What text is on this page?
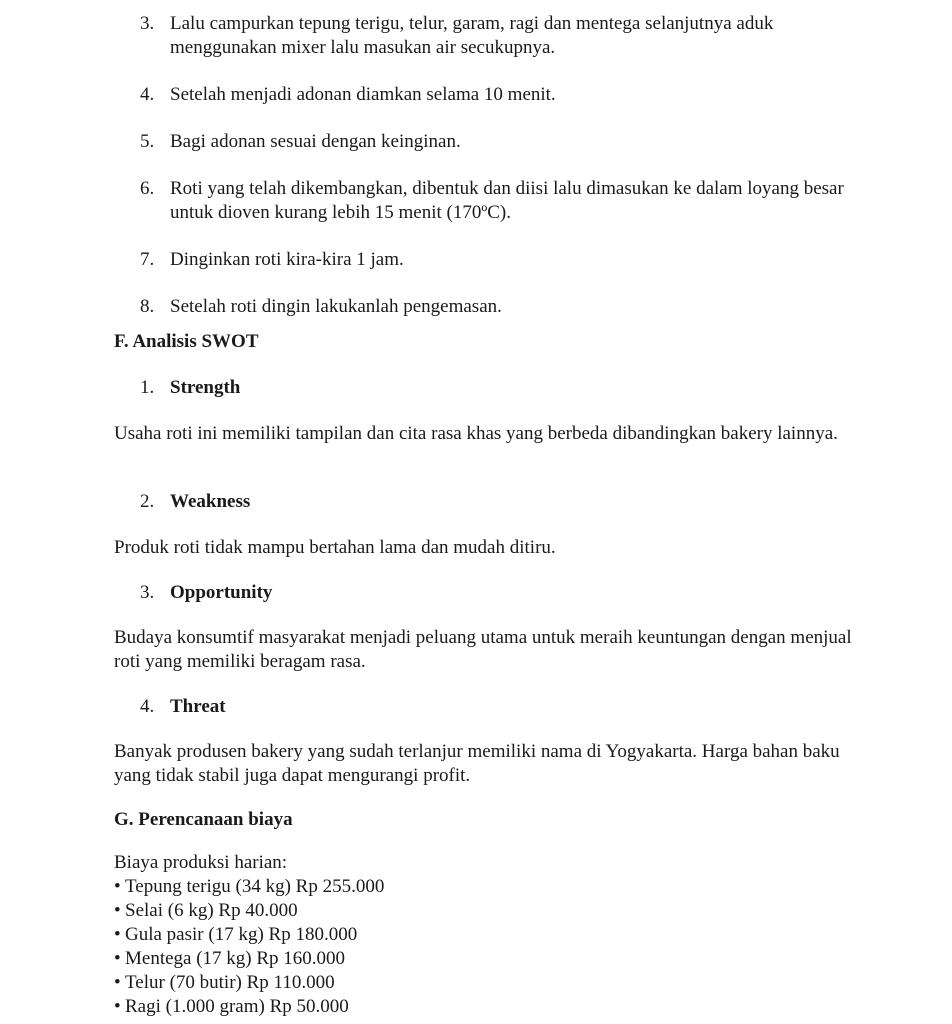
3. Lalu campurkan tepung terigu, telur, garam, ragi dan mentega selanjutnya aduk menggunakan mixer lalu masukan air secukupnya.
4. Setelah menjadi adonan diamkan selama 10 menit.
5. Bagi adonan sesuai dengan keinginan.
6. Roti yang telah dikembangkan, dibentuk dan diisi lalu dimasukan ke dalam loyang besar untuk dioven kurang lebih 15 menit (170ºC).
7. Dinginkan roti kira-kira 1 jam.
8. Setelah roti dingin lakukanlah pengemasan.
F. Analisis SWOT
1. Strength
Usaha roti ini memiliki tampilan dan cita rasa khas yang berbeda dibandingkan bakery lainnya.
2. Weakness
Produk roti tidak mampu bertahan lama dan mudah ditiru.
3. Opportunity
Budaya konsumtif masyarakat menjadi peluang utama untuk meraih keuntungan dengan menjual roti yang memiliki beragam rasa.
4. Threat
Banyak produsen bakery yang sudah terlanjur memiliki nama di Yogyakarta. Harga bahan baku yang tidak stabil juga dapat mengurangi profit.
G. Perencanaan biaya
Biaya produksi harian:
• Tepung terigu (34 kg) Rp 255.000
• Selai (6 kg) Rp 40.000
• Gula pasir (17 kg) Rp 180.000
• Mentega (17 kg) Rp 160.000
• Telur (70 butir) Rp 110.000
• Ragi (1.000 gram) Rp 50.000
